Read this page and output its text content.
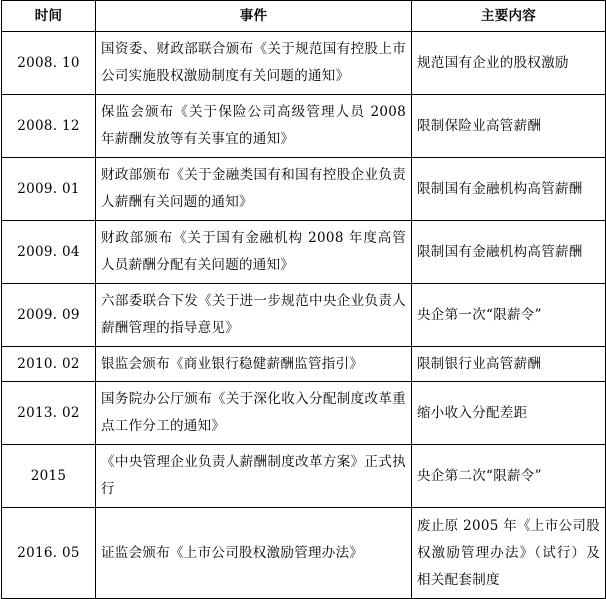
时间	事件	主要内容
2008. 10	国资委、财政部联合颁布《关于规范国有控股上市公司实施股权激励制度有关问题的通知》	规范国有企业的股权激励
2008. 12	保监会颁布《关于保险公司高级管理人员 2008 年薪酬发放等有关事宜的通知》	限制保险业高管薪酬
2009. 01	财政部颁布《关于金融类国有和国有控股企业负责人薪酬有关问题的通知》	限制国有金融机构高管薪酬
2009. 04	财政部颁布《关于国有金融机构 2008 年度高管人员薪酬分配有关问题的通知》	限制国有金融机构高管薪酬
2009. 09	六部委联合下发《关于进一步规范中央企业负责人薪酬管理的指导意见》	央企第一次“限薪令”
2010. 02	银监会颁布《商业银行稳健薪酬监管指引》	限制银行业高管薪酬
2013. 02	国务院办公厅颁布《关于深化收入分配制度改革重点工作分工的通知》	缩小收入分配差距
2015	《中央管理企业负责人薪酬制度改革方案》正式执行	央企第二次“限薪令”
2016. 05	证监会颁布《上市公司股权激励管理办法》	废止原 2005 年《上市公司股权激励管理办法》（试行）及相关配套制度
